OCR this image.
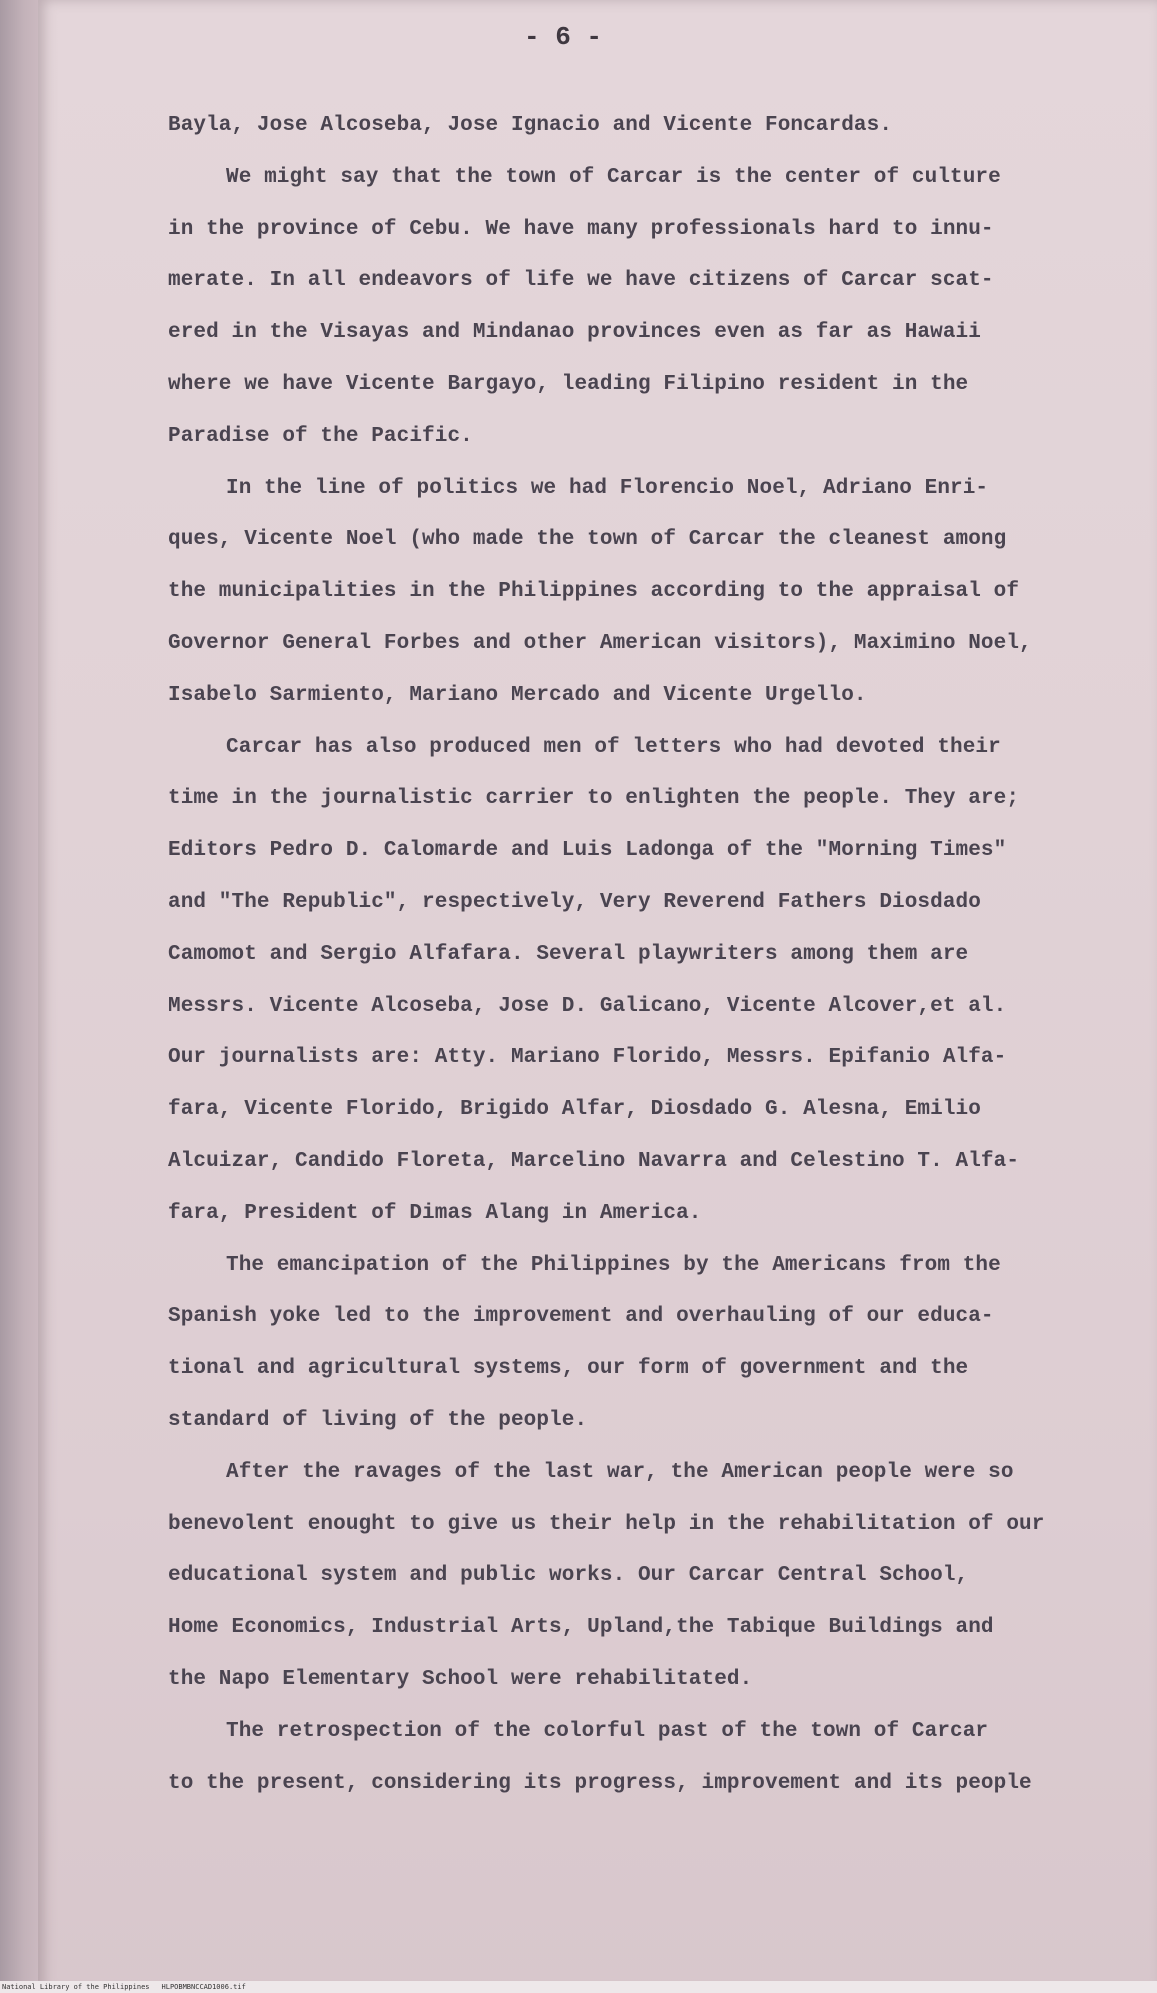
- 6 -
Bayla, Jose Alcoseba, Jose Ignacio and Vicente Foncardas.
We might say that the town of Carcar is the center of culture
in the province of Cebu. We have many professionals hard to innu-
merate. In all endeavors of life we have citizens of Carcar scat-
ered in the Visayas and Mindanao provinces even as far as Hawaii
where we have Vicente Bargayo, leading Filipino resident in the
Paradise of the Pacific.
In the line of politics we had Florencio Noel, Adriano Enri-
ques, Vicente Noel (who made the town of Carcar the cleanest among
the municipalities in the Philippines according to the appraisal of
Governor General Forbes and other American visitors), Maximino Noel,
Isabelo Sarmiento, Mariano Mercado and Vicente Urgello.
Carcar has also produced men of letters who had devoted their
time in the journalistic carrier to enlighten the people. They are;
Editors Pedro D. Calomarde and Luis Ladonga of the "Morning Times"
and "The Republic", respectively, Very Reverend Fathers Diosdado
Camomot and Sergio Alfafara. Several playwriters among them are
Messrs. Vicente Alcoseba, Jose D. Galicano, Vicente Alcover,et al.
Our journalists are: Atty. Mariano Florido, Messrs. Epifanio Alfa-
fara, Vicente Florido, Brigido Alfar, Diosdado G. Alesna, Emilio
Alcuizar, Candido Floreta, Marcelino Navarra and Celestino T. Alfa-
fara, President of Dimas Alang in America.
The emancipation of the Philippines by the Americans from the
Spanish yoke led to the improvement and overhauling of our educa-
tional and agricultural systems, our form of government and the
standard of living of the people.
After the ravages of the last war, the American people were so
benevolent enought to give us their help in the rehabilitation of our
educational system and public works. Our Carcar Central School,
Home Economics, Industrial Arts, Upland,the Tabique Buildings and
the Napo Elementary School were rehabilitated.
The retrospection of the colorful past of the town of Carcar
to the present, considering its progress, improvement and its people
National Library of the Philippines HLPOBMBNCCAD1006.tif
